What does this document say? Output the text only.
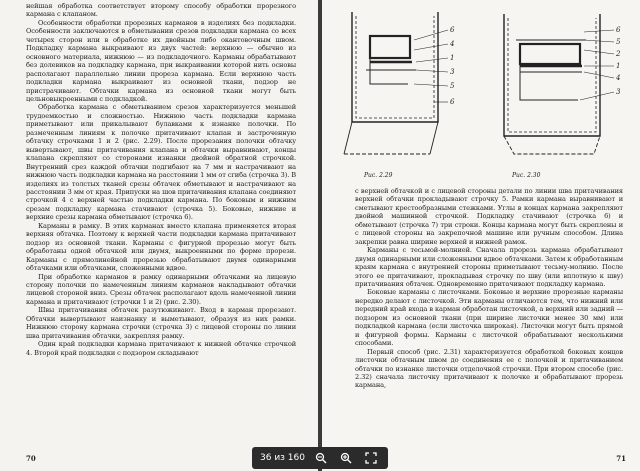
нейшая обработка соответствует второму способу обработки прорезного кармана с клапаном.

Особенности обработки прорезных карманов в изделиях без подкладки. Особенности заключаются в обметывании срезов подкладки кармана со всех четырех сторон или в обработке их двойным либо окантовочным швом. Подкладку кармана выкраивают из двух частей: верхнюю — обычно из основного материала, нижнюю — из подкладочного. Карманы обрабатывают без долевиков на подкладку кармана, при выкраивании которой нить основы располагают параллельно линии прореза кармана. Если верхнюю часть подкладки кармана выкраивают из основной ткани, подзор не пристрачивают. Обтачки кармана из основной ткани могут быть цельновыкроенными с подкладкой.

Обработка кармана с обметыванием срезов характеризуется меньшей трудоемкостью и сложностью. Нижнюю часть подкладки кармана приметывают или прикалывают булавками к изнанке полочки. По размеченным линиям к полочке притачивают клапан и застроченную обтачку строчками 1 и 2 (рис. 2.29). После прорезания полочки обтачку вывертывают, швы притачивания клапана и обтачки выравнивают, концы клапана скрепляют со сторонами изнанки двойной обратной строчкой. Внутренний срез каждой обтачки подгибают на 7 мм и настрачивают на нижнюю часть подкладки кармана на расстоянии 1 мм от сгиба (строчка 3). В изделиях из толстых тканей срезы обтачек обметывают и настрачивают на расстоянии 3 мм от края. Припуски на шов притачивания клапана соединяют строчкой 4 с верхней частью подкладки кармана. По боковым и нижним срезам подкладку кармана стачивают (строчка 5). Боковые, нижние и верхние срезы кармана обметывают (строчка 6).

Карманы в рамку. В этих карманах вместо клапана применяется вторая верхняя обтачка. Поэтому к верхней части подкладки кармана притачивают подзор из основной ткани. Карманы с фигурной прорезью могут быть обработаны одной обтачкой или двумя, выкроенными по форме прорези. Карманы с прямолинейной прорезью обрабатывают двумя одинарными обтачками или обтачками, сложенными вдвое.

При обработке карманов в рамку одинарными обтачками на лицевую сторону полочки по намеченным линиям карманов накладывают обтачки лицевой стороной вниз. Срезы обтачек располагают вдоль намеченной линии кармана и притачивают (строчки 1 и 2) (рис. 2.30).

Швы притачивания обтачек разутюживают. Вход в карман прорезают. Обтачки вывертывают наизнанку и выметывают, образуя из них рамки. Нижнюю сторону кармана строчки (строчка 3) с лицевой стороны по линии шва притачивания обтачки, закрепляя рамку.

Один край подкладки кармана притачивают к нижней обтачке строчкой 4. Второй край подкладки с подзором складывают

70
6
4
1
3
5
6
Рис. 2.29
6
5
2
1
4
3
Рис. 2.30
71

с верхней обтачкой и с лицевой стороны детали по линии шва притачивания верхней обтачки прокладывают строчку 5. Рамки кармана выравнивают и сметывают крестообразными стежками. Углы в концах кармана закрепляют двойной машинной строчкой. Подкладку стачивают (строчка 6) и обметывают (строчка 7) три строки. Концы кармана могут быть скреплены и с лицевой стороны на закрепочной машине или ручным способом. Длина закрепки равна ширине верхней и нижней рамок.

Карманы с тесьмой-молнией. Сначала прорезь кармана обрабатывают двумя одинарными или сложенными вдвое обтачками. Затем к обработанным краям кармана с внутренней стороны приметывают тесьму-молнию. После этого ее притачивают, прокладывая строчку по шву (или вплотную к шву) притачивания обтачек. Одновременно притачивают подкладку кармана.

Боковые карманы с листочками. Боковые и верхние прорезные карманы нередко делают с листочкой. Эти карманы отличаются тем, что нижний или передний край входа в карман обработан листочкой, а верхний или задний — подзором из основной ткани (при ширине листочки менее 30 мм) или подкладкой кармана (если листочка широкая). Листочки могут быть прямой и фигурной формы. Карманы с листочкой обрабатывают несколькими способами.

Первый способ (рис. 2.31) характеризуется обработкой боковых концов листочки обтачным швом до соединения ее с полочкой и притачиванием обтачки по изнанке листочки отделочной строчки. При втором способе (рис. 2.32) сначала листочку притачивают к полочке и обрабатывают прорезь кармана,

36 из 160
